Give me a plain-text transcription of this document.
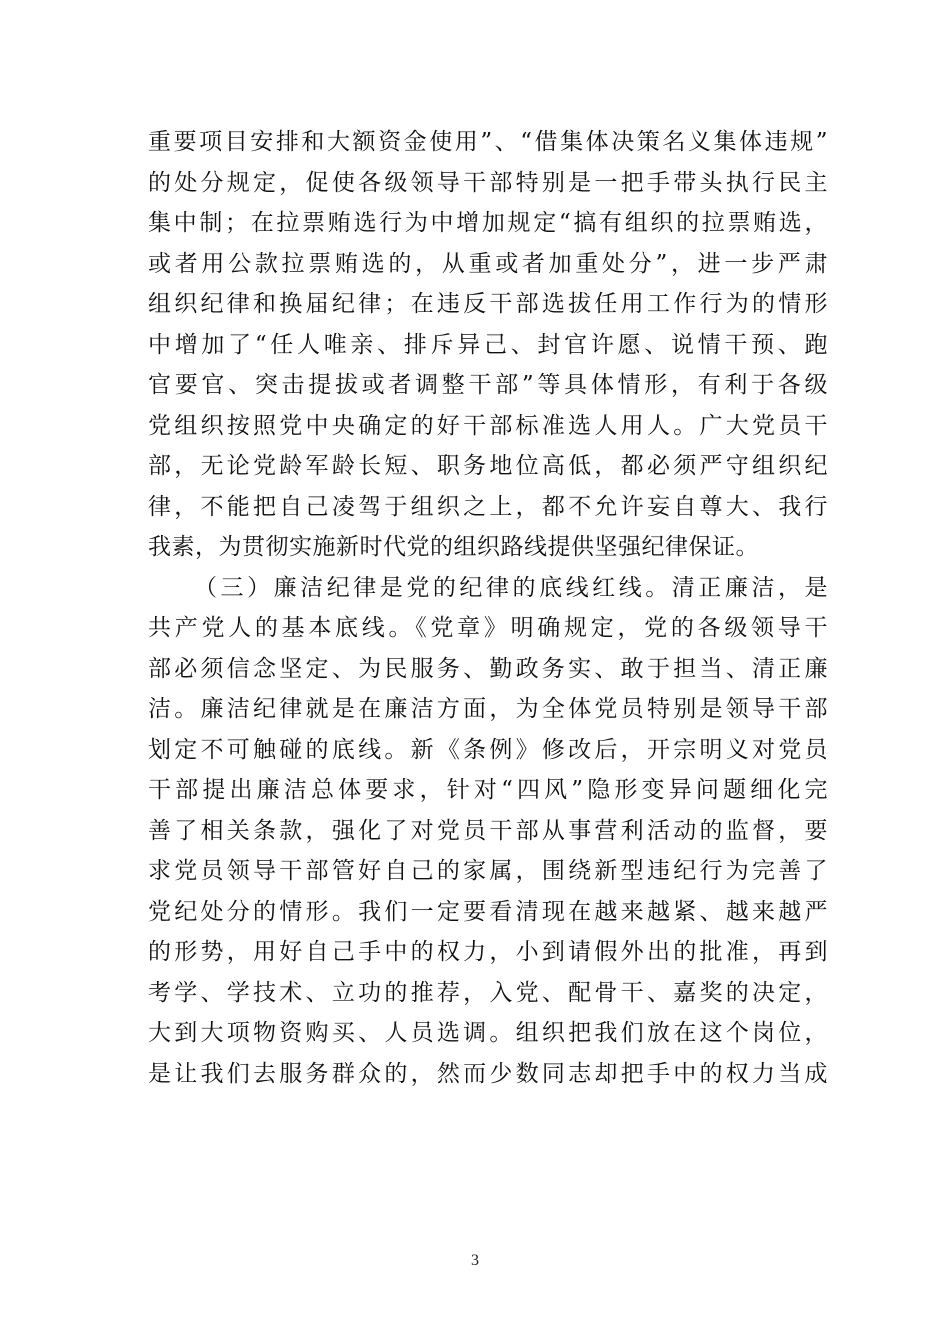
重要项目安排和大额资金使用”、“借集体决策名义集体违规”
的处分规定，促使各级领导干部特别是一把手带头执行民主
集中制；在拉票贿选行为中增加规定“搞有组织的拉票贿选，
或者用公款拉票贿选的，从重或者加重处分”，进一步严肃
组织纪律和换届纪律；在违反干部选拔任用工作行为的情形
中增加了“任人唯亲、排斥异己、封官许愿、说情干预、跑
官要官、突击提拔或者调整干部”等具体情形，有利于各级
党组织按照党中央确定的好干部标准选人用人。广大党员干
部，无论党龄军龄长短、职务地位高低，都必须严守组织纪
律，不能把自己凌驾于组织之上，都不允许妄自尊大、我行
我素，为贯彻实施新时代党的组织路线提供坚强纪律保证。
（三）廉洁纪律是党的纪律的底线红线。清正廉洁，是
共产党人的基本底线。《党章》明确规定，党的各级领导干
部必须信念坚定、为民服务、勤政务实、敢于担当、清正廉
洁。廉洁纪律就是在廉洁方面，为全体党员特别是领导干部
划定不可触碰的底线。新《条例》修改后，开宗明义对党员
干部提出廉洁总体要求，针对“四风”隐形变异问题细化完
善了相关条款，强化了对党员干部从事营利活动的监督，要
求党员领导干部管好自己的家属，围绕新型违纪行为完善了
党纪处分的情形。我们一定要看清现在越来越紧、越来越严
的形势，用好自己手中的权力，小到请假外出的批准，再到
考学、学技术、立功的推荐，入党、配骨干、嘉奖的决定，
大到大项物资购买、人员选调。组织把我们放在这个岗位，
是让我们去服务群众的，然而少数同志却把手中的权力当成
3
